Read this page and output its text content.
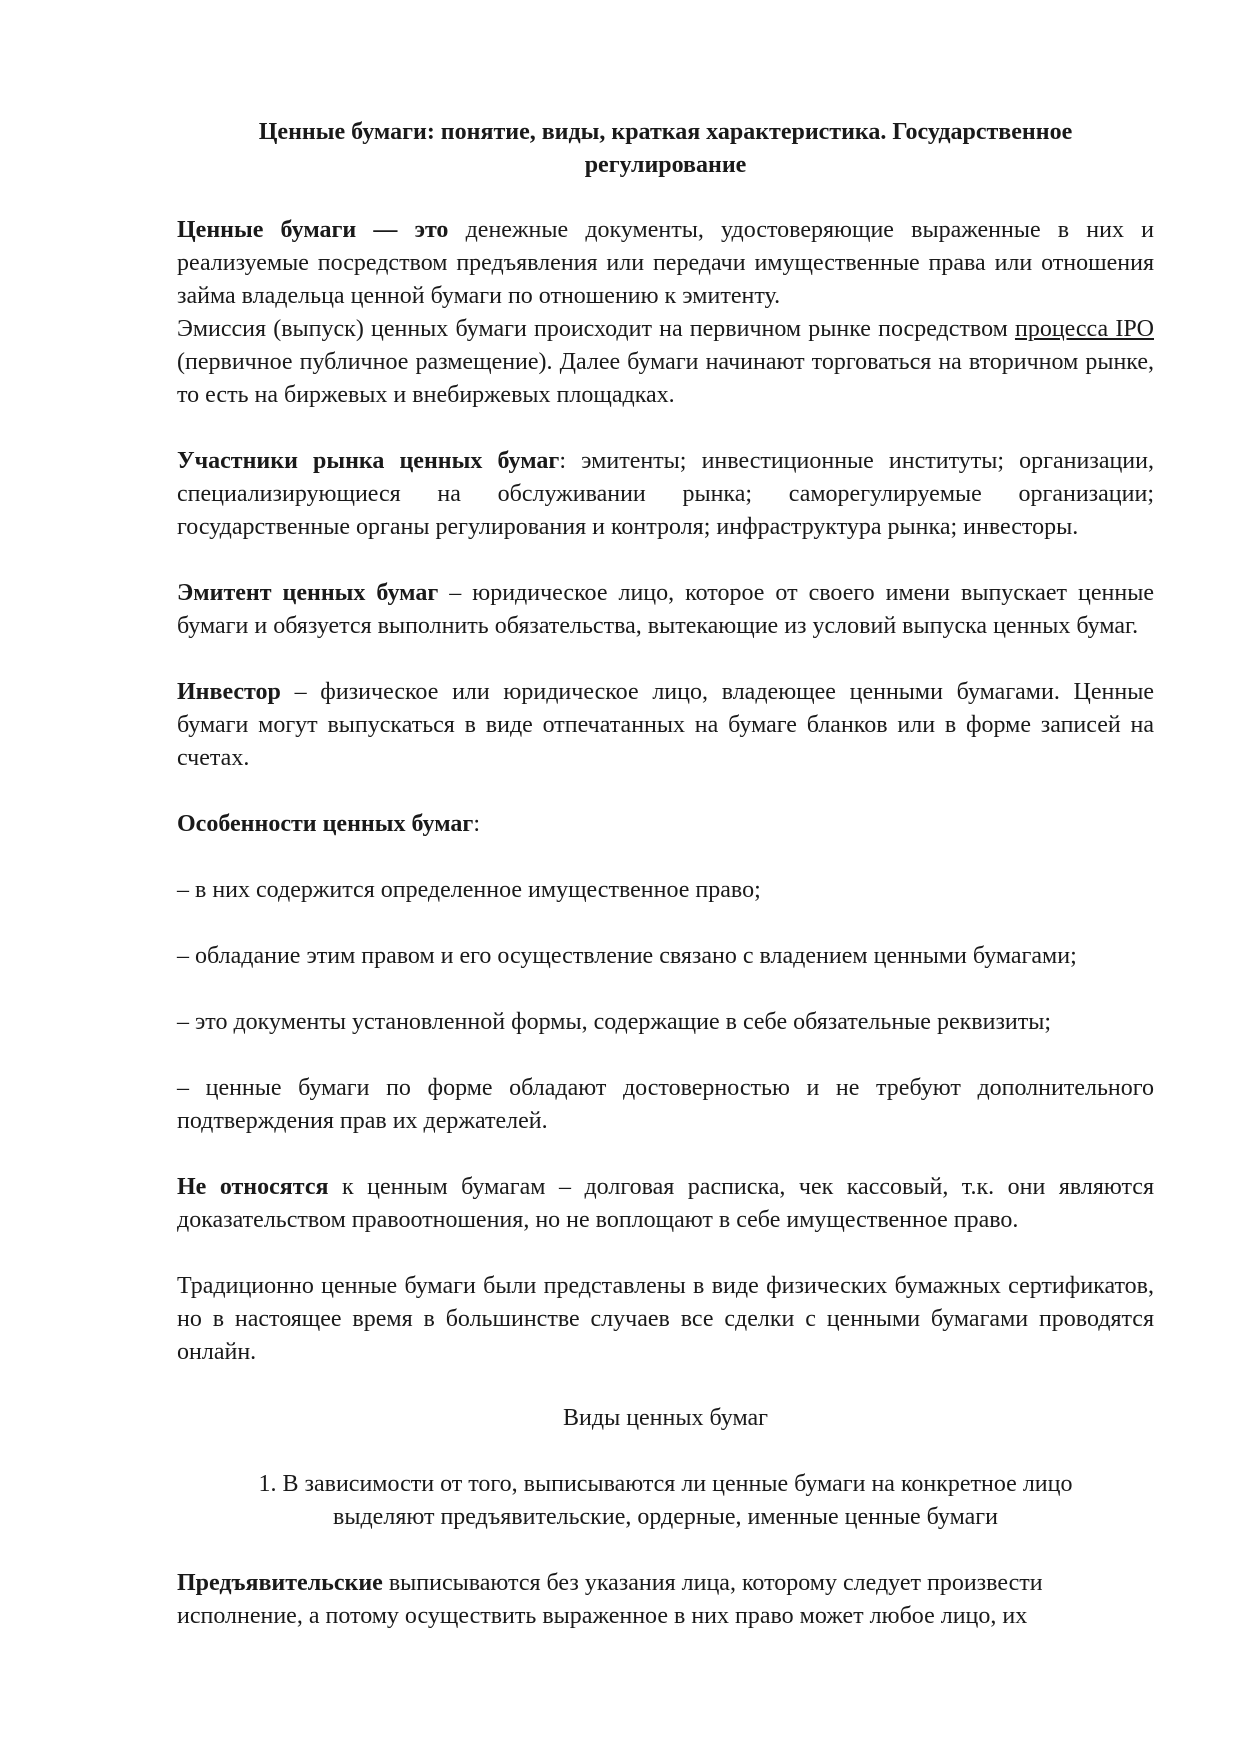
Ценные бумаги: понятие, виды, краткая характеристика. Государственное регулирование

Ценные бумаги — это денежные документы, удостоверяющие выраженные в них и реализуемые посредством предъявления или передачи имущественные права или отношения займа владельца ценной бумаги по отношению к эмитенту.

Эмиссия (выпуск) ценных бумаги происходит на первичном рынке посредством процесса IPO (первичное публичное размещение). Далее бумаги начинают торговаться на вторичном рынке, то есть на биржевых и внебиржевых площадках.

Участники рынка ценных бумаг: эмитенты; инвестиционные институты; организации, специализирующиеся на обслуживании рынка; саморегулируемые организации; государственные органы регулирования и контроля; инфраструктура рынка; инвесторы.

Эмитент ценных бумаг – юридическое лицо, которое от своего имени выпускает ценные бумаги и обязуется выполнить обязательства, вытекающие из условий выпуска ценных бумаг.

Инвестор – физическое или юридическое лицо, владеющее ценными бумагами. Ценные бумаги могут выпускаться в виде отпечатанных на бумаге бланков или в форме записей на счетах.

Особенности ценных бумаг:

– в них содержится определенное имущественное право;

– обладание этим правом и его осуществление связано с владением ценными бумагами;

– это документы установленной формы, содержащие в себе обязательные реквизиты;

– ценные бумаги по форме обладают достоверностью и не требуют дополнительного подтверждения прав их держателей.

Не относятся к ценным бумагам – долговая расписка, чек кассовый, т.к. они являются доказательством правоотношения, но не воплощают в себе имущественное право.

Традиционно ценные бумаги были представлены в виде физических бумажных сертификатов, но в настоящее время в большинстве случаев все сделки с ценными бумагами проводятся онлайн.

Виды ценных бумаг

1. В зависимости от того, выписываются ли ценные бумаги на конкретное лицо выделяют предъявительские, ордерные, именные ценные бумаги

Предъявительские выписываются без указания лица, которому следует произвести исполнение, а потому осуществить выраженное в них право может любое лицо, их
